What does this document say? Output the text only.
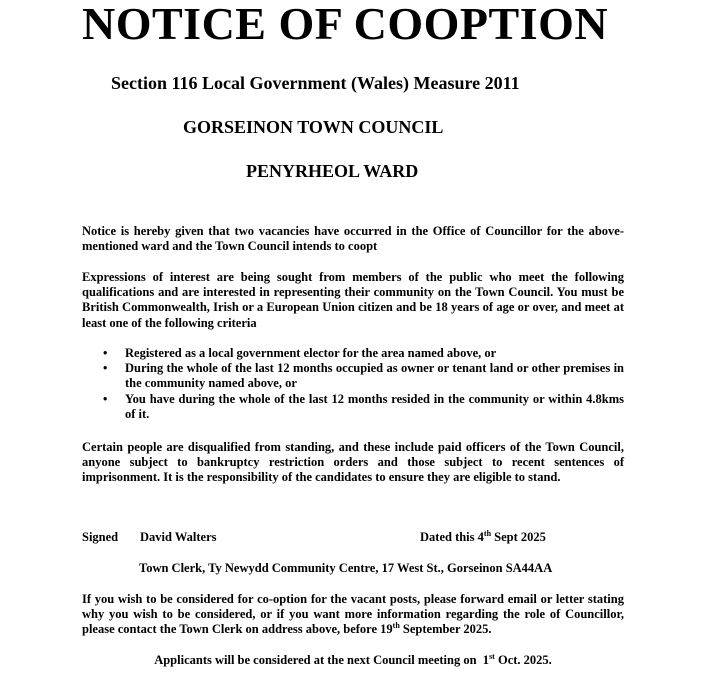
NOTICE OF COOPTION
Section 116 Local Government (Wales) Measure 2011
GORSEINON TOWN COUNCIL
PENYRHEOL WARD
Notice is hereby given that two vacancies have occurred in the Office of Councillor for the above-mentioned ward and the Town Council intends to coopt
Expressions of interest are being sought from members of the public who meet the following qualifications and are interested in representing their community on the Town Council. You must be British Commonwealth, Irish or a European Union citizen and be 18 years of age or over, and meet at least one of the following criteria
• Registered as a local government elector for the area named above, or
• During the whole of the last 12 months occupied as owner or tenant land or other premises in the community named above, or
• You have during the whole of the last 12 months resided in the community or within 4.8kms of it.
Certain people are disqualified from standing, and these include paid officers of the Town Council, anyone subject to bankruptcy restriction orders and those subject to recent sentences of imprisonment. It is the responsibility of the candidates to ensure they are eligible to stand.
Signed David Walters	Dated this 4th Sept 2025
Town Clerk, Ty Newydd Community Centre, 17 West St., Gorseinon SA44AA
If you wish to be considered for co-option for the vacant posts, please forward email or letter stating why you wish to be considered, or if you want more information regarding the role of Councillor, please contact the Town Clerk on address above, before 19th September 2025.
Applicants will be considered at the next Council meeting on  1st Oct. 2025.
